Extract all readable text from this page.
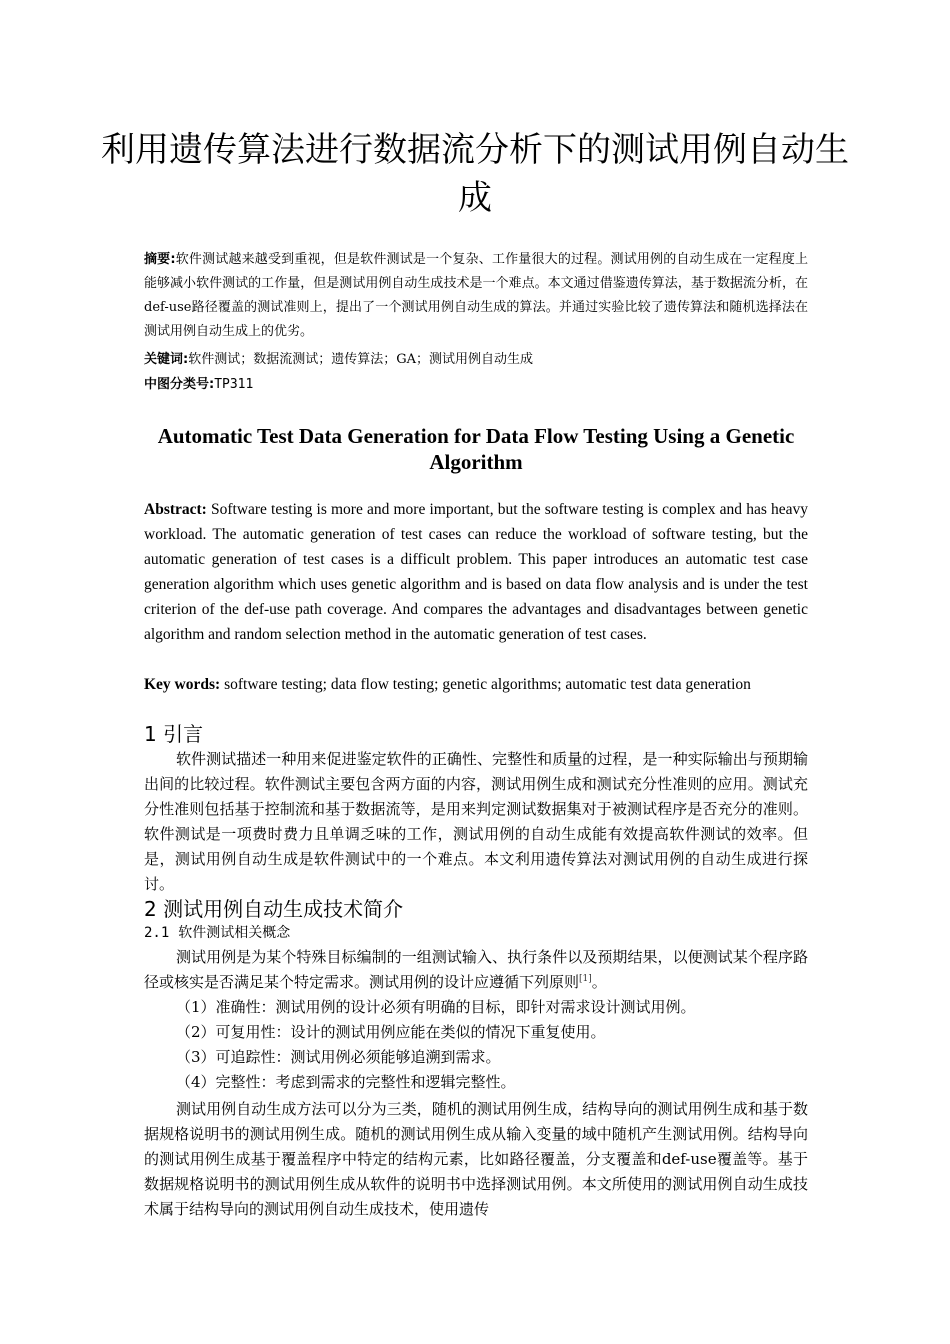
利用遗传算法进行数据流分析下的测试用例自动生成

摘要:软件测试越来越受到重视，但是软件测试是一个复杂、工作量很大的过程。测试用例的自动生成在一定程度上能够减小软件测试的工作量，但是测试用例自动生成技术是一个难点。本文通过借鉴遗传算法，基于数据流分析，在def-use路径覆盖的测试准则上，提出了一个测试用例自动生成的算法。并通过实验比较了遗传算法和随机选择法在测试用例自动生成上的优劣。

关键词:软件测试；数据流测试；遗传算法；GA；测试用例自动生成

中图分类号:TP311

Automatic Test Data Generation for Data Flow Testing Using a Genetic Algorithm

Abstract: Software testing is more and more important, but the software testing is complex and has heavy workload. The automatic generation of test cases can reduce the workload of software testing, but the automatic generation of test cases is a difficult problem. This paper introduces an automatic test case generation algorithm which uses genetic algorithm and is based on data flow analysis and is under the test criterion of the def-use path coverage. And compares the advantages and disadvantages between genetic algorithm and random selection method in the automatic generation of test cases.

Key words: software testing; data flow testing; genetic algorithms; automatic test data generation

1 引言

软件测试描述一种用来促进鉴定软件的正确性、完整性和质量的过程，是一种实际输出与预期输出间的比较过程。软件测试主要包含两方面的内容，测试用例生成和测试充分性准则的应用。测试充分性准则包括基于控制流和基于数据流等，是用来判定测试数据集对于被测试程序是否充分的准则。软件测试是一项费时费力且单调乏味的工作，测试用例的自动生成能有效提高软件测试的效率。但是，测试用例自动生成是软件测试中的一个难点。本文利用遗传算法对测试用例的自动生成进行探讨。

2 测试用例自动生成技术简介
2.1 软件测试相关概念

测试用例是为某个特殊目标编制的一组测试输入、执行条件以及预期结果，以便测试某个程序路径或核实是否满足某个特定需求。测试用例的设计应遵循下列原则[1]。

（1）准确性：测试用例的设计必须有明确的目标，即针对需求设计测试用例。
（2）可复用性：设计的测试用例应能在类似的情况下重复使用。
（3）可追踪性：测试用例必须能够追溯到需求。
（4）完整性：考虑到需求的完整性和逻辑完整性。

测试用例自动生成方法可以分为三类，随机的测试用例生成，结构导向的测试用例生成和基于数据规格说明书的测试用例生成。随机的测试用例生成从输入变量的域中随机产生测试用例。结构导向的测试用例生成基于覆盖程序中特定的结构元素，比如路径覆盖，分支覆盖和def-use覆盖等。基于数据规格说明书的测试用例生成从软件的说明书中选择测试用例。本文所使用的测试用例自动生成技术属于结构导向的测试用例自动生成技术，使用遗传
